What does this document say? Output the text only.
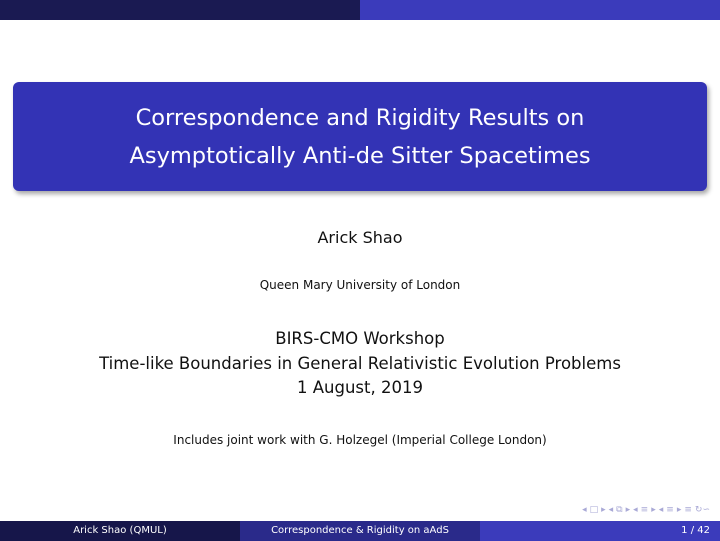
Correspondence and Rigidity Results on
Asymptotically Anti-de Sitter Spacetimes
Arick Shao
Queen Mary University of London
BIRS-CMO Workshop
Time-like Boundaries in General Relativistic Evolution Problems
1 August, 2019
Includes joint work with G. Holzegel (Imperial College London)
◂ □ ▸ ◂ ⧉ ▸ ◂ ≡ ▸ ◂ ≡ ▸ ≡ ↻∽
Arick Shao (QMUL)	Correspondence & Rigidity on aAdS	1 / 42
